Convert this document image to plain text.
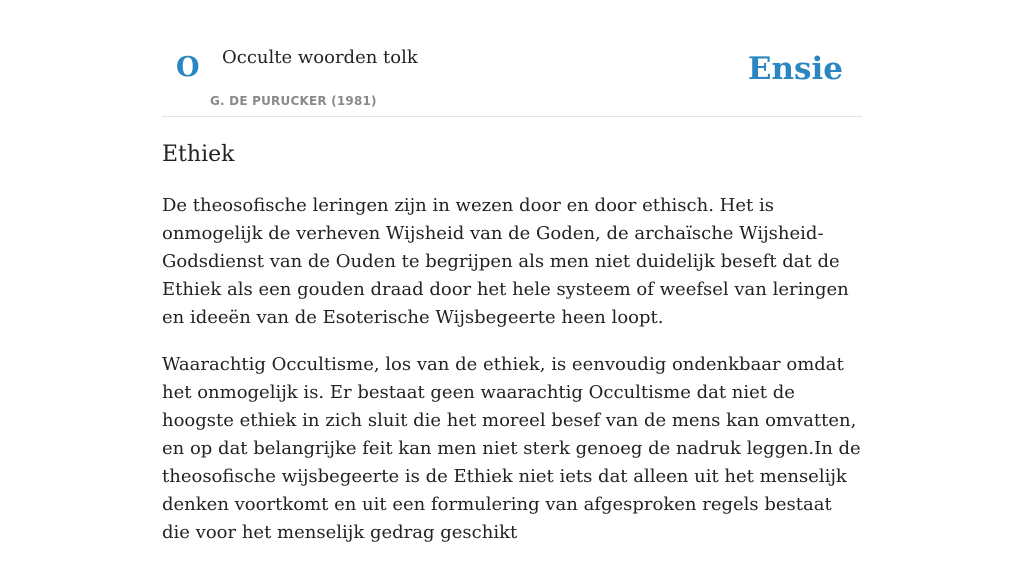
O Occulte woorden tolk
G. DE PURUCKER (1981)
Ensie
Ethiek

De theosofische leringen zijn in wezen door en door ethisch. Het is onmogelijk de verheven Wijsheid van de Goden, de archaïsche Wijsheid-Godsdienst van de Ouden te begrijpen als men niet duidelijk beseft dat de Ethiek als een gouden draad door het hele systeem of weefsel van leringen en ideeën van de Esoterische Wijsbegeerte heen loopt.

Waarachtig Occultisme, los van de ethiek, is eenvoudig ondenkbaar omdat het onmogelijk is. Er bestaat geen waarachtig Occultisme dat niet de hoogste ethiek in zich sluit die het moreel besef van de mens kan omvatten, en op dat belangrijke feit kan men niet sterk genoeg de nadruk leggen.In de theosofische wijsbegeerte is de Ethiek niet iets dat alleen uit het menselijk denken voortkomt en uit een formulering van afgesproken regels bestaat die voor het menselijk gedrag geschikt
